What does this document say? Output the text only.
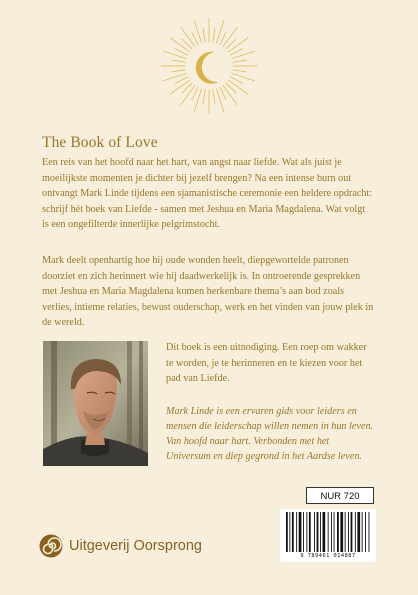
The Book of Love

Een reis van het hoofd naar het hart, van angst naar liefde. Wat als juist je moeilijkste momenten je dichter bij jezelf brengen? Na een intense burn out ontvangt Mark Linde tijdens een sjamanistische ceremonie een heldere opdracht: schrijf hét boek van Liefde - samen met Jeshua en Maria Magdalena. Wat volgt is een ongefilterde innerlijke pelgrimstocht.

Mark deelt openhartig hoe hij oude wonden heelt, diepgewortelde patronen doorziet en zich herinnert wie hij daadwerkelijk is. In ontroerende gesprekken met Jeshua en Maria Magdalena komen herkenbare thema’s aan bod zoals verlies, intieme relaties, bewust ouderschap, werk en het vinden van jouw plek in de wereld.

Dit boek is een uitnodiging. Een roep om wakker te worden, je te herinneren en te kiezen voor het pad van Liefde.

Mark Linde is een ervaren gids voor leiders en mensen die leiderschap willen nemen in hun leven. Van hoofd naar hart. Verbonden met het Universum en diep gegrond in het Aardse leven.

NUR 720
9 789461 014887
Uitgeverij Oorsprong
